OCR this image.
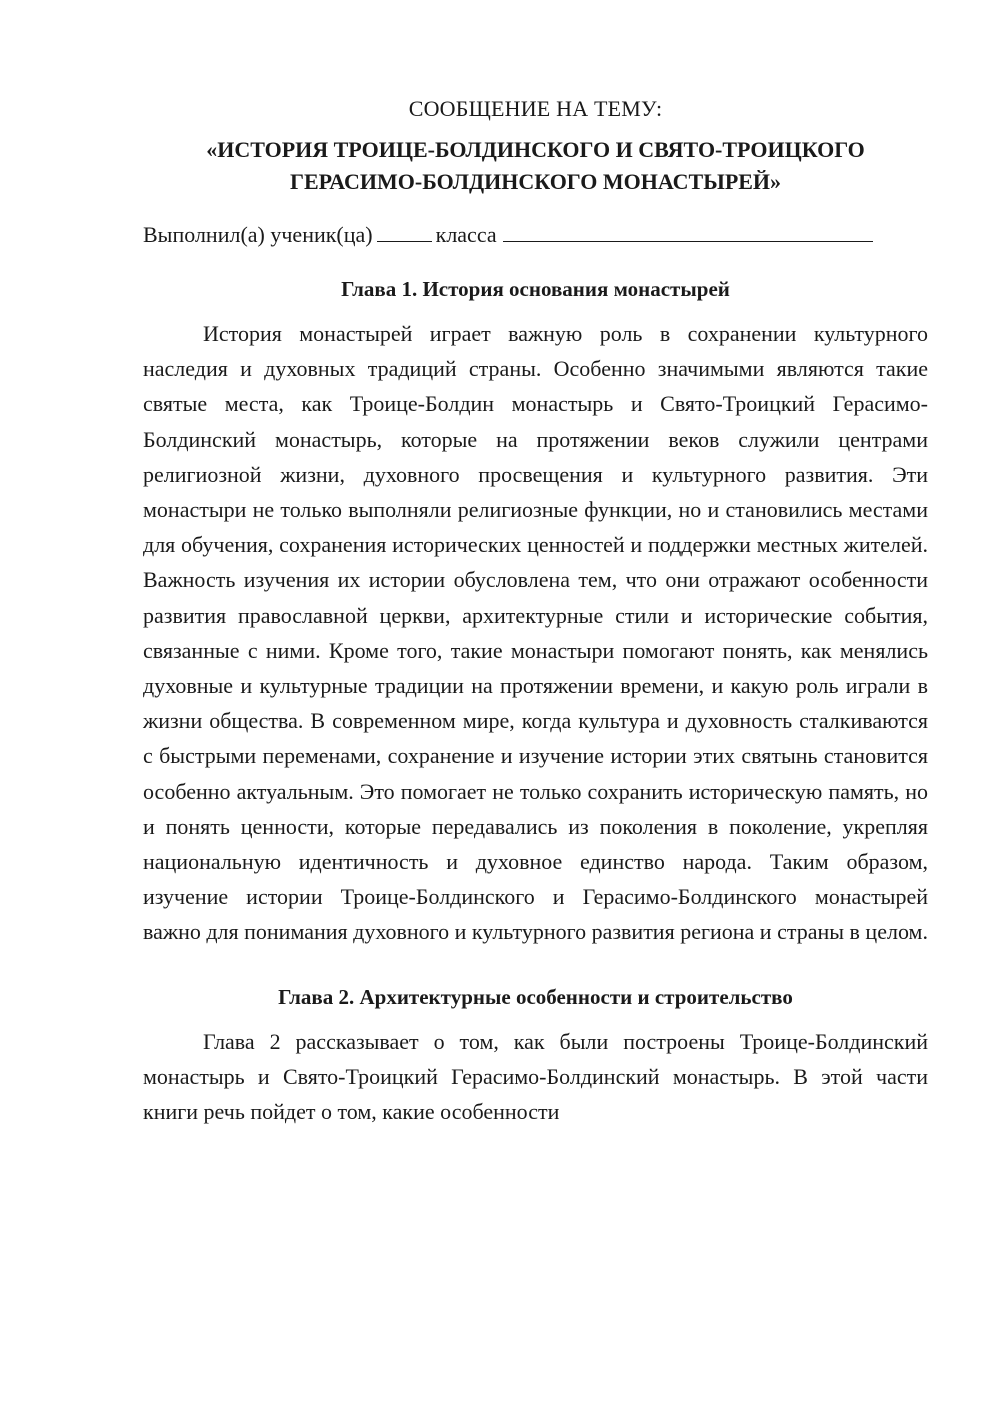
СООБЩЕНИЕ НА ТЕМУ:

«ИСТОРИЯ ТРОИЦЕ-БОЛДИНСКОГО И СВЯТО-ТРОИЦКОГО
ГЕРАСИМО-БОЛДИНСКОГО МОНАСТЫРЕЙ»
Выполнил(а) ученик(ца)	класса
Глава 1. История основания монастырей

История монастырей играет важную роль в сохранении культурного наследия и духовных традиций страны. Особенно значимыми являются такие святые места, как Троице-Болдин монастырь и Свято-Троицкий Герасимо-Болдинский монастырь, которые на протяжении веков служили центрами религиозной жизни, духовного просвещения и культурного развития. Эти монастыри не только выполняли религиозные функции, но и становились местами для обучения, сохранения исторических ценностей и поддержки местных жителей. Важность изучения их истории обусловлена тем, что они отражают особенности развития православной церкви, архитектурные стили и исторические события, связанные с ними. Кроме того, такие монастыри помогают понять, как менялись духовные и культурные традиции на протяжении времени, и какую роль играли в жизни общества. В современном мире, когда культура и духовность сталкиваются с быстрыми переменами, сохранение и изучение истории этих святынь становится особенно актуальным. Это помогает не только сохранить историческую память, но и понять ценности, которые передавались из поколения в поколение, укрепляя национальную идентичность и духовное единство народа. Таким образом, изучение истории Троице-Болдинского и Герасимо-Болдинского монастырей важно для понимания духовного и культурного развития региона и страны в целом.

Глава 2. Архитектурные особенности и строительство

Глава 2 рассказывает о том, как были построены Троице-Болдинский монастырь и Свято-Троицкий Герасимо-Болдинский монастырь. В этой части книги речь пойдет о том, какие особенности
